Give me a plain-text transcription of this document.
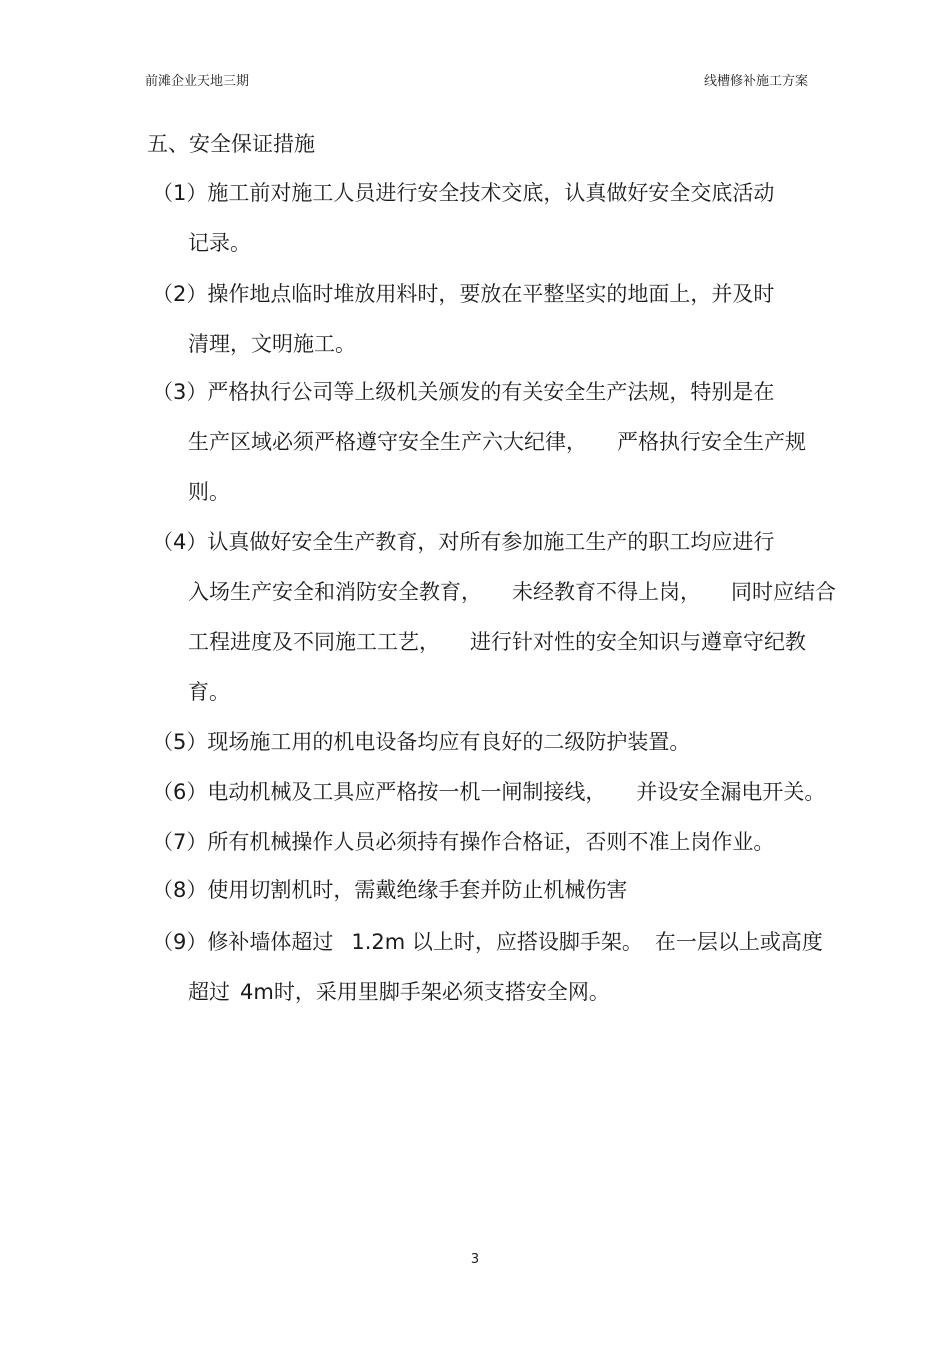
前滩企业天地三期	线槽修补施工方案
五、安全保证措施
（1）施工前对施工人员进行安全技术交底，认真做好安全交底活动
记录。
（2）操作地点临时堆放用料时，要放在平整坚实的地面上，并及时
清理，文明施工。
（3）严格执行公司等上级机关颁发的有关安全生产法规，特别是在
生产区域必须严格遵守安全生产六大纪律， 严格执行安全生产规
则。
（4）认真做好安全生产教育，对所有参加施工生产的职工均应进行
入场生产安全和消防安全教育， 未经教育不得上岗， 同时应结合
工程进度及不同施工工艺， 进行针对性的安全知识与遵章守纪教
育。
（5）现场施工用的机电设备均应有良好的二级防护装置。
（6）电动机械及工具应严格按一机一闸制接线， 并设安全漏电开关。
（7）所有机械操作人员必须持有操作合格证，否则不准上岗作业。
（8）使用切割机时，需戴绝缘手套并防止机械伤害
（9）修补墙体超过 1.2m 以上时，应搭设脚手架。 在一层以上或高度
超过 4m时，采用里脚手架必须支搭安全网。
3
